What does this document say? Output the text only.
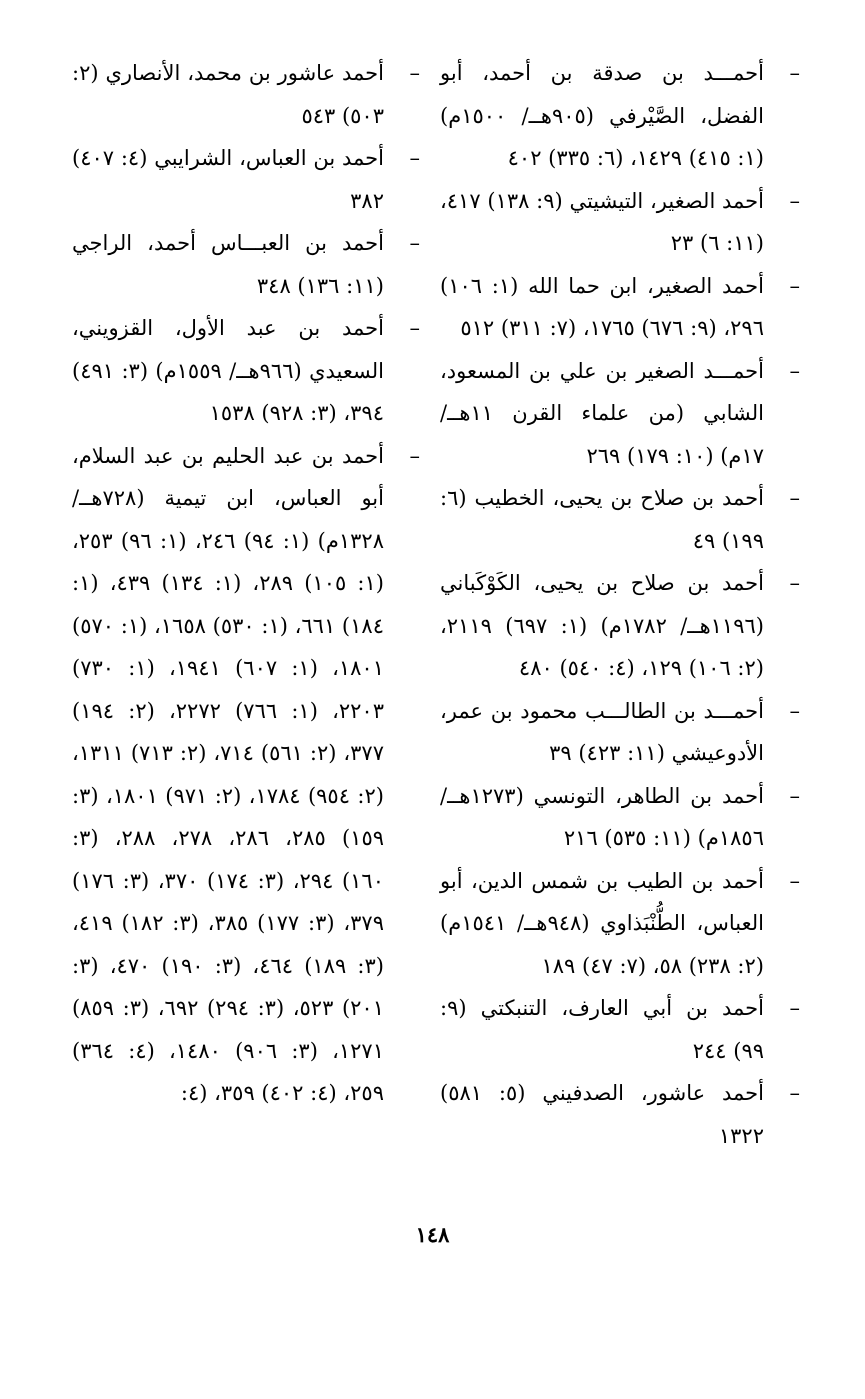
–
أحمـــد بن صدقة بن أحمد، أبو الفضل، الصَّيْرفي (٩٠٥هــ/ ١٥٠٠م) (١: ٤١٥) ١٤٢٩، (٦: ٣٣٥) ٤٠٢
–
أحمد الصغير، التيشيتي (٩: ١٣٨) ٤١٧، (١١: ٦) ٢٣
–
أحمد الصغير، ابن حما الله (١: ١٠٦) ٢٩٦، (٩: ٦٧٦) ١٧٦٥، (٧: ٣١١) ٥١٢
–
أحمـــد الصغير بن علي بن المسعود، الشابي (من علماء القرن ١١هــ/ ١٧م) (١٠: ١٧٩) ٢٦٩
–
أحمد بن صلاح بن يحيى، الخطيب (٦: ١٩٩) ٤٩
–
أحمد بن صلاح بن يحيى، الكَوْكَباني (١١٩٦هــ/ ١٧٨٢م) (١: ٦٩٧) ٢١١٩، (٢: ١٠٦) ١٢٩، (٤: ٥٤٠) ٤٨٠
–
أحمـــد بن الطالـــب محمود بن عمر، الأدوعيشي (١١: ٤٢٣) ٣٩
–
أحمد بن الطاهر، التونسي (١٢٧٣هــ/ ١٨٥٦م) (١١: ٥٣٥) ٢١٦
–
أحمد بن الطيب بن شمس الدين، أبو العباس، الطُّنْبَذاوي (٩٤٨هــ/ ١٥٤١م) (٢: ٢٣٨) ٥٨، (٧: ٤٧) ١٨٩
–
أحمد بن أبي العارف، التنبكتي (٩: ٩٩) ٢٤٤
–
أحمد عاشور، الصدفيني (٥: ٥٨١) ١٣٢٢
–
أحمد عاشور بن محمد، الأنصاري (٢: ٥٠٣) ٥٤٣
–
أحمد بن العباس، الشرايبي (٤: ٤٠٧) ٣٨٢
–
أحمد بن العبـــاس أحمد، الراجي (١١: ١٣٦) ٣٤٨
–
أحمد بن عبد الأول، القزويني، السعيدي (٩٦٦هــ/ ١٥٥٩م) (٣: ٤٩١) ٣٩٤، (٣: ٩٢٨) ١٥٣٨
–
أحمد بن عبد الحليم بن عبد السلام، أبو العباس، ابن تيمية (٧٢٨هــ/ ١٣٢٨م) (١: ٩٤) ٢٤٦، (١: ٩٦) ٢٥٣، (١: ١٠٥) ٢٨٩، (١: ١٣٤) ٤٣٩، (١: ١٨٤) ٦٦١، (١: ٥٣٠) ١٦٥٨، (١: ٥٧٠) ١٨٠١، (١: ٦٠٧) ١٩٤١، (١: ٧٣٠) ٢٢٠٣، (١: ٧٦٦) ٢٢٧٢، (٢: ١٩٤) ٣٧٧، (٢: ٥٦١) ٧١٤، (٢: ٧١٣) ١٣١١، (٢: ٩٥٤) ١٧٨٤، (٢: ٩٧١) ١٨٠١، (٣: ١٥٩) ٢٨٥، ٢٨٦، ٢٧٨، ٢٨٨، (٣: ١٦٠) ٢٩٤، (٣: ١٧٤) ٣٧٠، (٣: ١٧٦) ٣٧٩، (٣: ١٧٧) ٣٨٥، (٣: ١٨٢) ٤١٩، (٣: ١٨٩) ٤٦٤، (٣: ١٩٠) ٤٧٠، (٣: ٢٠١) ٥٢٣، (٣: ٢٩٤) ٦٩٢، (٣: ٨٥٩) ١٢٧١، (٣: ٩٠٦) ١٤٨٠، (٤: ٣٦٤) ٢٥٩، (٤: ٤٠٢) ٣٥٩، (٤:
١٤٨
